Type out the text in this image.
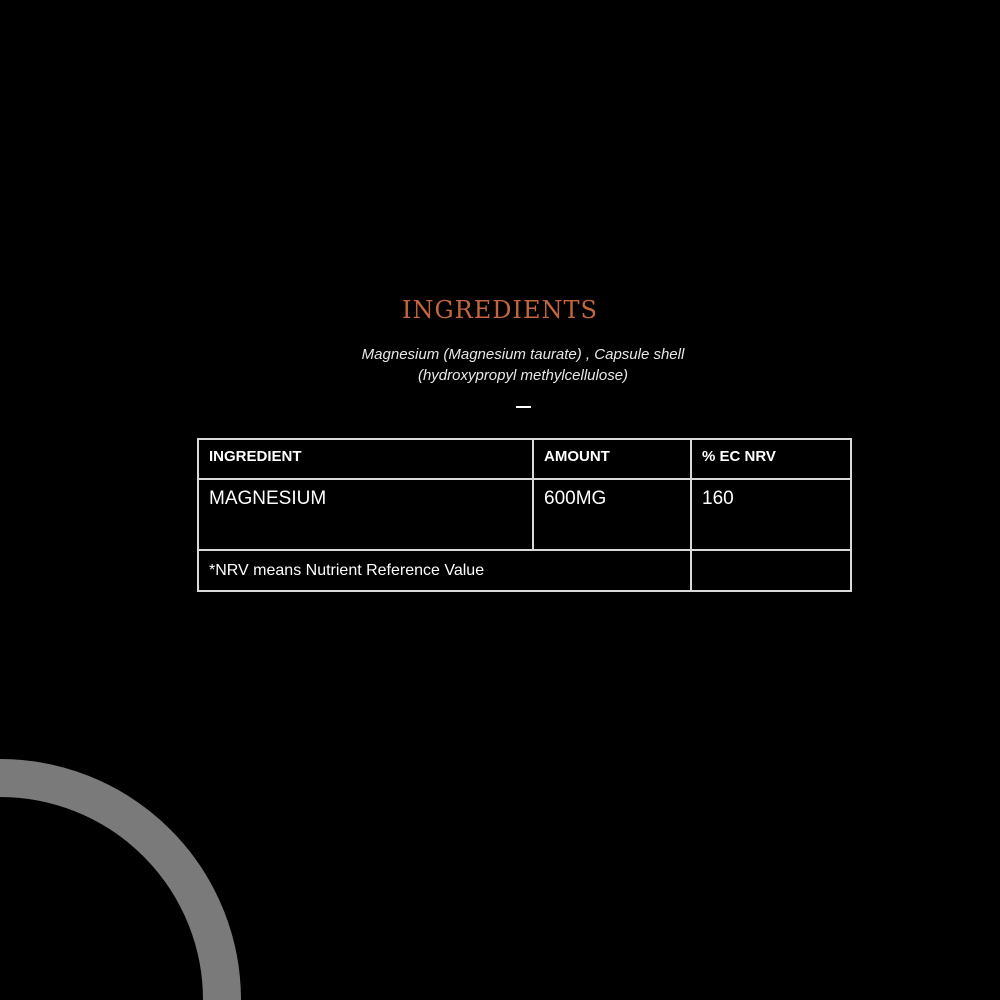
INGREDIENTS

Magnesium (Magnesium taurate) , Capsule shell
(hydroxypropyl methylcellulose)

INGREDIENT	AMOUNT	% EC NRV
MAGNESIUM	600MG	160
*NRV means Nutrient Reference Value		
